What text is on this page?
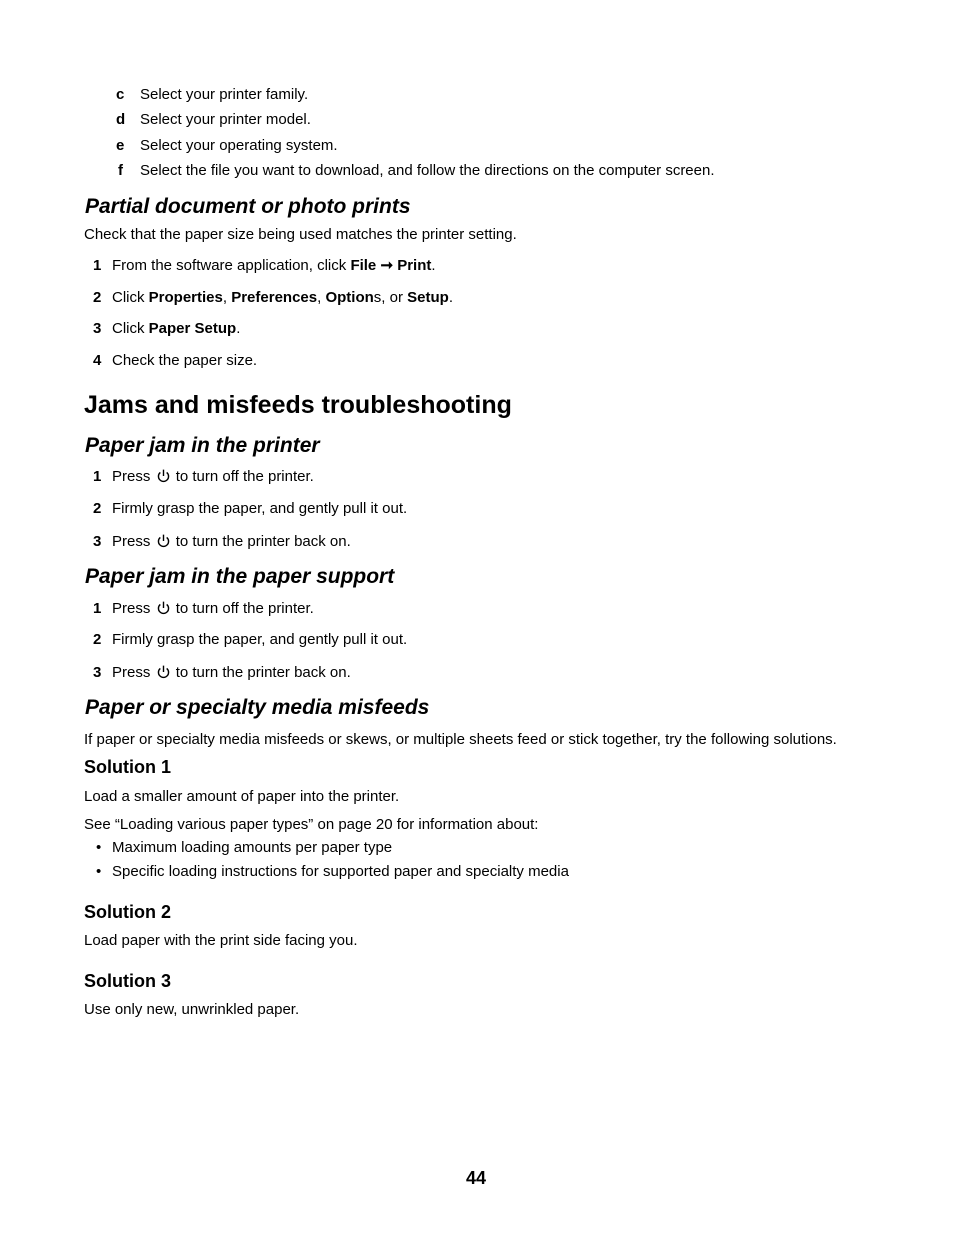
c Select your printer family.
d Select your printer model.
e Select your operating system.
f Select the file you want to download, and follow the directions on the computer screen.
Partial document or photo prints
Check that the paper size being used matches the printer setting.
1 From the software application, click File ➞ Print.
2 Click Properties, Preferences, Options, or Setup.
3 Click Paper Setup.
4 Check the paper size.
Jams and misfeeds troubleshooting
Paper jam in the printer
1 Press to turn off the printer.
2 Firmly grasp the paper, and gently pull it out.
3 Press to turn the printer back on.
Paper jam in the paper support
1 Press to turn off the printer.
2 Firmly grasp the paper, and gently pull it out.
3 Press to turn the printer back on.
Paper or specialty media misfeeds
If paper or specialty media misfeeds or skews, or multiple sheets feed or stick together, try the following solutions.
Solution 1
Load a smaller amount of paper into the printer.
See “Loading various paper types” on page 20 for information about:
• Maximum loading amounts per paper type
• Specific loading instructions for supported paper and specialty media
Solution 2
Load paper with the print side facing you.
Solution 3
Use only new, unwrinkled paper.
44
